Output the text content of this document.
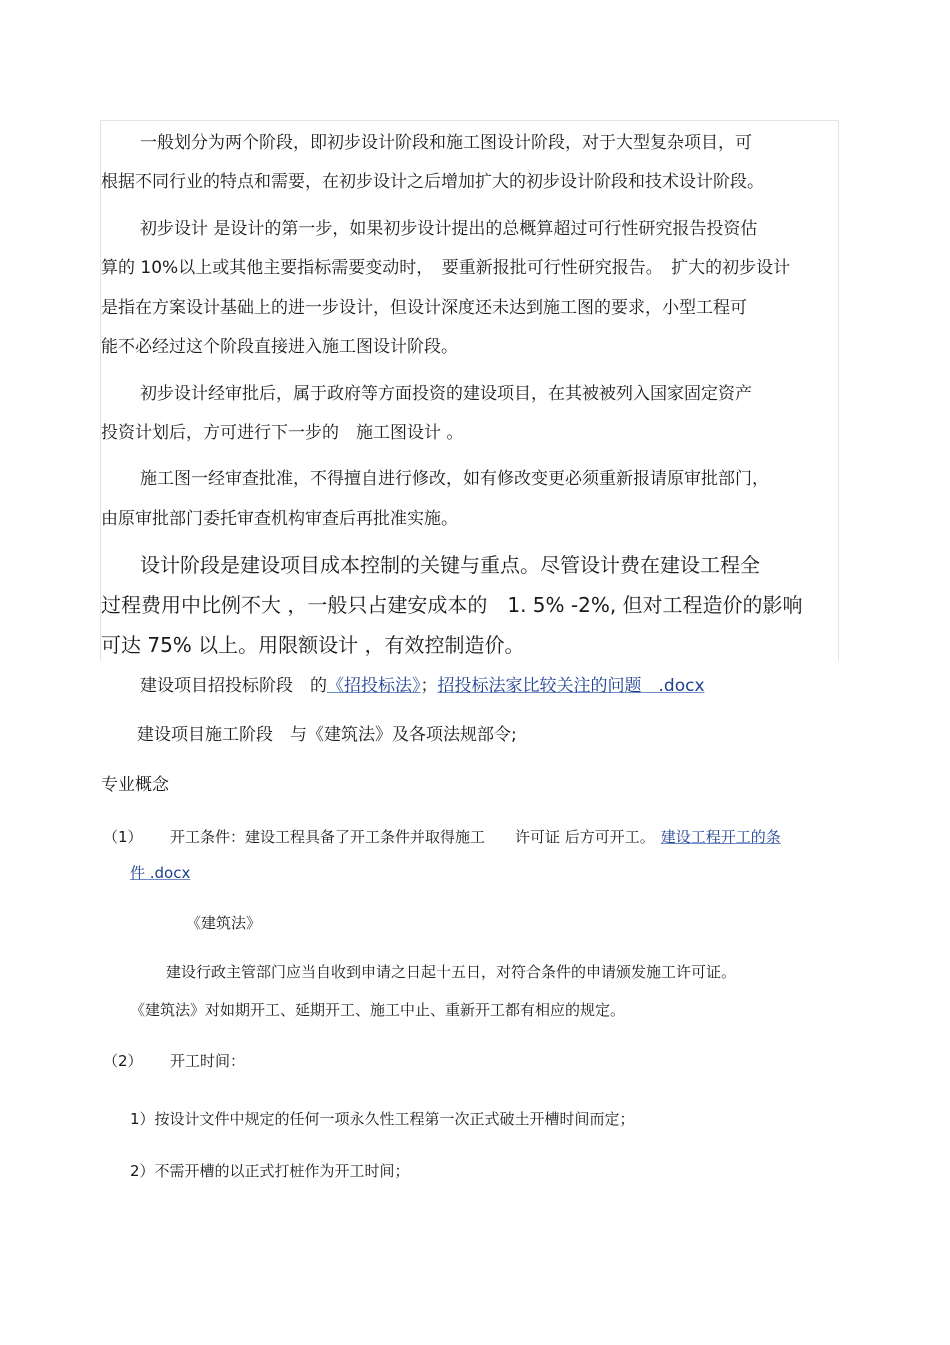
一般划分为两个阶段，即初步设计阶段和施工图设计阶段，对于大型复杂项目，可
根据不同行业的特点和需要，在初步设计之后增加扩大的初步设计阶段和技术设计阶段。
初步设计 是设计的第一步，如果初步设计提出的总概算超过可行性研究报告投资估
算的 10%以上或其他主要指标需要变动时，　要重新报批可行性研究报告。　扩大的初步设计
是指在方案设计基础上的进一步设计，但设计深度还未达到施工图的要求，小型工程可
能不必经过这个阶段直接进入施工图设计阶段。
初步设计经审批后，属于政府等方面投资的建设项目，在其被被列入国家固定资产
投资计划后，方可进行下一步的　施工图设计 。
施工图一经审查批准，不得擅自进行修改，如有修改变更必须重新报请原审批部门，
由原审批部门委托审查机构审查后再批准实施。
设计阶段是建设项目成本控制的关键与重点。尽管设计费在建设工程全
过程费用中比例不大 ，一般只占建安成本的　1. 5% -2%, 但对工程造价的影响
可达 75% 以上。用限额设计 ，有效控制造价。
建设项目招投标阶段　的《招投标法》；招投标法家比较关注的问题　.docx
建设项目施工阶段　与《建筑法》及各项法规部令;
专业概念
（1） 开工条件：建设工程具备了开工条件并取得施工　　许可证 后方可开工。 建设工程开工的条
件 .docx
《建筑法》
建设行政主管部门应当自收到申请之日起十五日，对符合条件的申请颁发施工许可证。
《建筑法》对如期开工、延期开工、施工中止、重新开工都有相应的规定。
（2） 开工时间：
1）按设计文件中规定的任何一项永久性工程第一次正式破土开槽时间而定；
2）不需开槽的以正式打桩作为开工时间；
